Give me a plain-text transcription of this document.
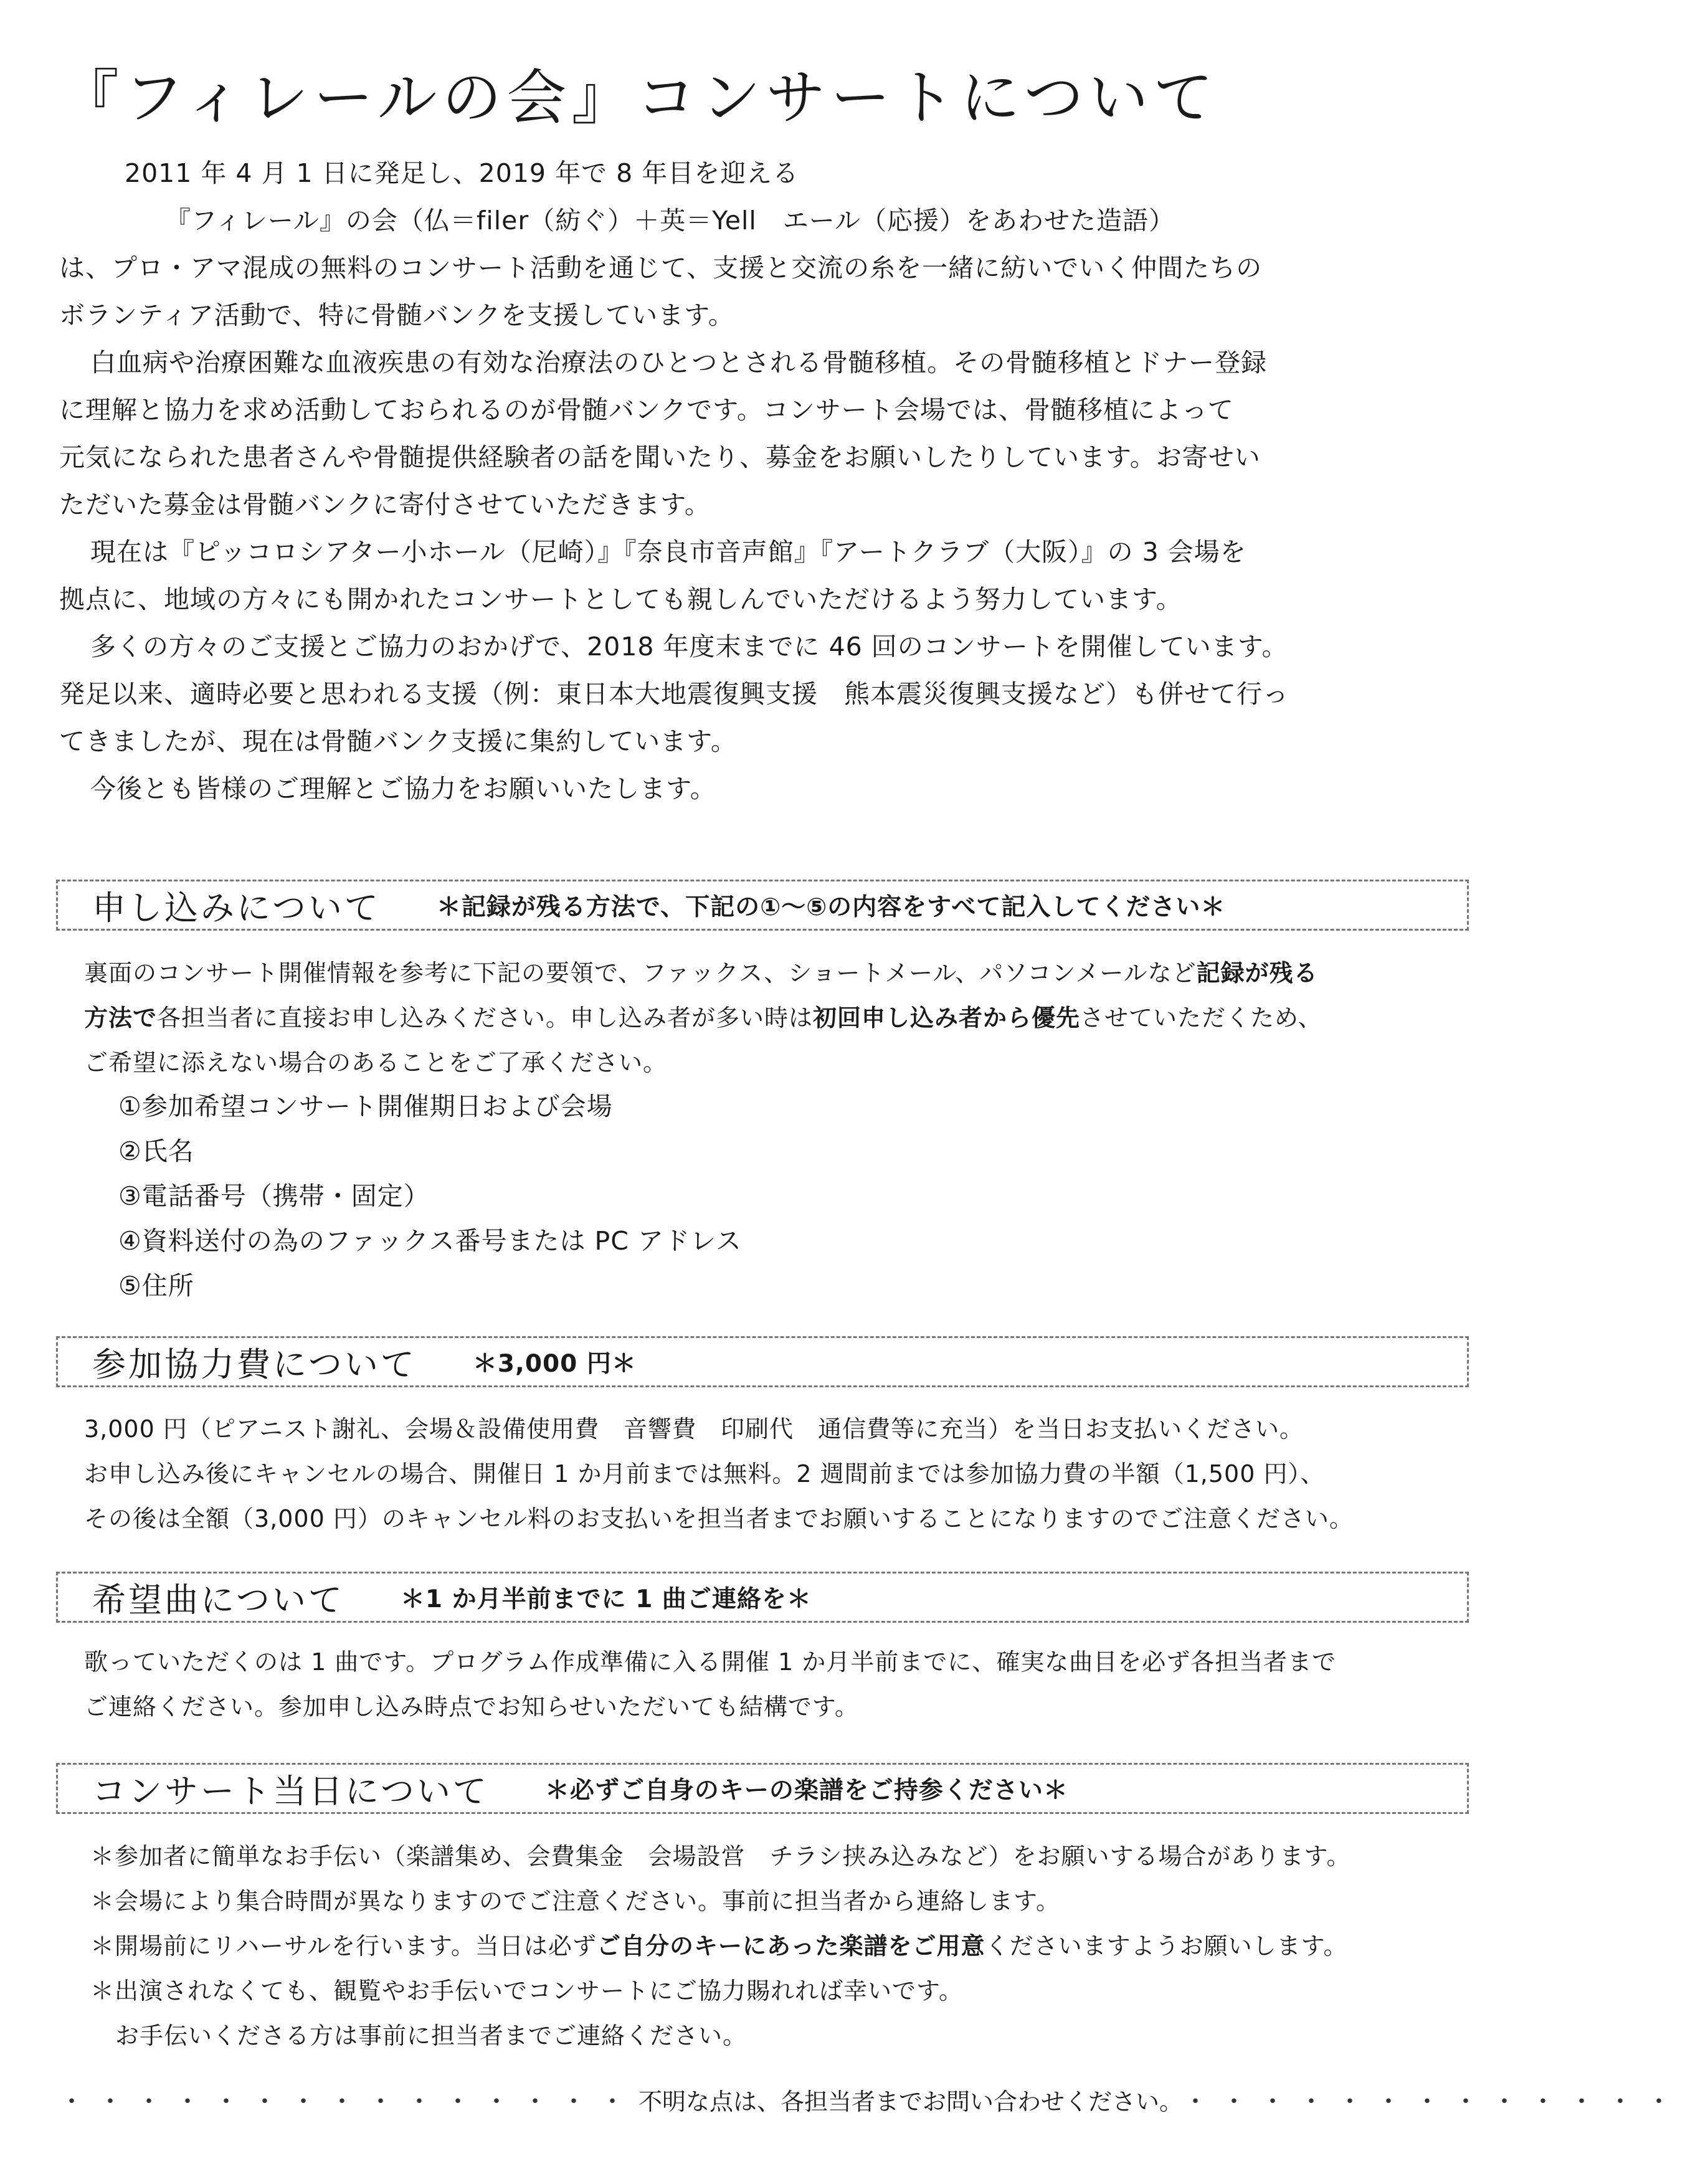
『フィレールの会』コンサートについて

2011 年 4 月 1 日に発足し、2019 年で 8 年目を迎える

『フィレール』の会（仏＝filer（紡ぐ）＋英＝Yell　エール（応援）をあわせた造語）

は、プロ・アマ混成の無料のコンサート活動を通じて、支援と交流の糸を一緒に紡いでいく仲間たちの

ボランティア活動で、特に骨髄バンクを支援しています。

白血病や治療困難な血液疾患の有効な治療法のひとつとされる骨髄移植。その骨髄移植とドナー登録

に理解と協力を求め活動しておられるのが骨髄バンクです。コンサート会場では、骨髄移植によって

元気になられた患者さんや骨髄提供経験者の話を聞いたり、募金をお願いしたりしています。お寄せい

ただいた募金は骨髄バンクに寄付させていただきます。

現在は『ピッコロシアター小ホール（尼崎）』『奈良市音声館』『アートクラブ（大阪）』の 3 会場を

拠点に、地域の方々にも開かれたコンサートとしても親しんでいただけるよう努力しています。

多くの方々のご支援とご協力のおかげで、2018 年度末までに 46 回のコンサートを開催しています。

発足以来、適時必要と思われる支援（例：東日本大地震復興支援　熊本震災復興支援など）も併せて行っ

てきましたが、現在は骨髄バンク支援に集約しています。

今後とも皆様のご理解とご協力をお願いいたします。

申し込みについて ＊記録が残る方法で、下記の①～⑤の内容をすべて記入してください＊

裏面のコンサート開催情報を参考に下記の要領で、ファックス、ショートメール、パソコンメールなど記録が残る

方法で各担当者に直接お申し込みください。申し込み者が多い時は初回申し込み者から優先させていただくため、

ご希望に添えない場合のあることをご了承ください。

①参加希望コンサート開催期日および会場

②氏名

③電話番号（携帯・固定）

④資料送付の為のファックス番号または PC アドレス

⑤住所

参加協力費について ＊3,000 円＊

3,000 円（ピアニスト謝礼、会場＆設備使用費　音響費　印刷代　通信費等に充当）を当日お支払いください。

お申し込み後にキャンセルの場合、開催日 1 か月前までは無料。2 週間前までは参加協力費の半額（1,500 円）、

その後は全額（3,000 円）のキャンセル料のお支払いを担当者までお願いすることになりますのでご注意ください。

希望曲について ＊1 か月半前までに 1 曲ご連絡を＊

歌っていただくのは 1 曲です。プログラム作成準備に入る開催 1 か月半前までに、確実な曲目を必ず各担当者まで

ご連絡ください。参加申し込み時点でお知らせいただいても結構です。

コンサート当日について ＊必ずご自身のキーの楽譜をご持参ください＊

＊参加者に簡単なお手伝い（楽譜集め、会費集金　会場設営　チラシ挟み込みなど）をお願いする場合があります。

＊会場により集合時間が異なりますのでご注意ください。事前に担当者から連絡します。

＊開場前にリハーサルを行います。当日は必ずご自分のキーにあった楽譜をご用意くださいますようお願いします。

＊出演されなくても、観覧やお手伝いでコンサートにご協力賜れれば幸いです。

お手伝いくださる方は事前に担当者までご連絡ください。

・・・・・・・・・・・・・・・ 不明な点は、各担当者までお問い合わせください。 ・・・・・・・・・・・・・
